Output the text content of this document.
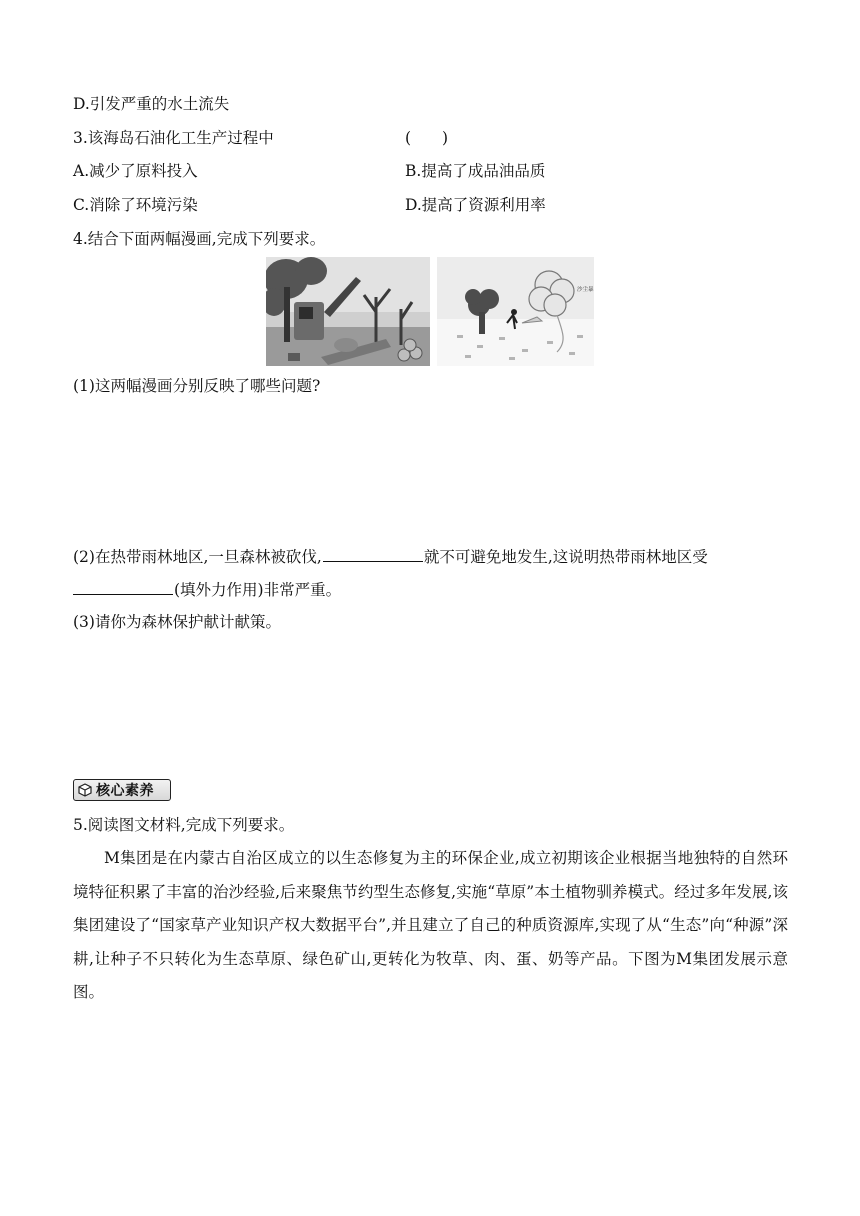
D.引发严重的水土流失
3.该海岛石油化工生产过程中	(　　)
A.减少了原料投入	B.提高了成品油品质
C.消除了环境污染	D.提高了资源利用率
4.结合下面两幅漫画,完成下列要求。
沙尘暴
(1)这两幅漫画分别反映了哪些问题?
(2)在热带雨林地区,一旦森林被砍伐,	就不可避免地发生,这说明热带雨林地区受
(填外力作用)非常严重。
(3)请你为森林保护献计献策。
核心素养
5.阅读图文材料,完成下列要求。
M集团是在内蒙古自治区成立的以生态修复为主的环保企业,成立初期该企业根据当地独特的自然环境特征积累了丰富的治沙经验,后来聚焦节约型生态修复,实施“草原”本土植物驯养模式。经过多年发展,该集团建设了“国家草产业知识产权大数据平台”,并且建立了自己的种质资源库,实现了从“生态”向“种源”深耕,让种子不只转化为生态草原、绿色矿山,更转化为牧草、肉、蛋、奶等产品。下图为M集团发展示意图。
